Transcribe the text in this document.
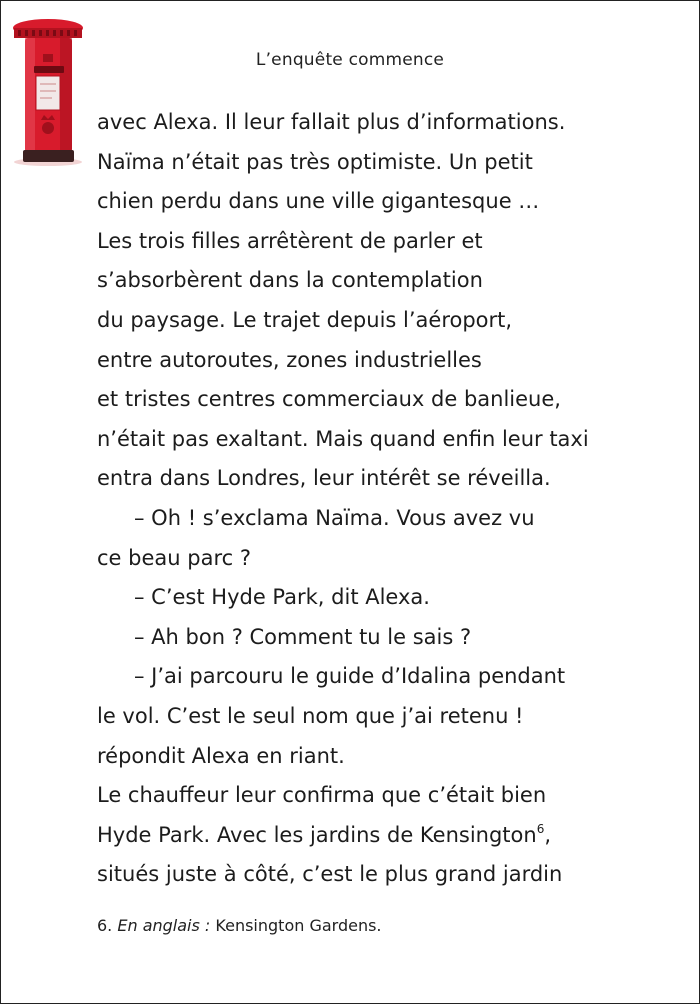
L’enquête commence
avec Alexa. Il leur fallait plus d’informations.
Naïma n’était pas très optimiste. Un petit
chien perdu dans une ville gigantesque …
Les trois filles arrêtèrent de parler et
s’absorbèrent dans la contemplation
du paysage. Le trajet depuis l’aéroport,
entre autoroutes, zones industrielles
et tristes centres commerciaux de banlieue,
n’était pas exaltant. Mais quand enfin leur taxi
entra dans Londres, leur intérêt se réveilla.
– Oh ! s’exclama Naïma. Vous avez vu
ce beau parc ?
– C’est Hyde Park, dit Alexa.
– Ah bon ? Comment tu le sais ?
– J’ai parcouru le guide d’Idalina pendant
le vol. C’est le seul nom que j’ai retenu !
répondit Alexa en riant.
Le chauffeur leur confirma que c’était bien
Hyde Park. Avec les jardins de Kensington$^6$,
situés juste à côté, c’est le plus grand jardin
6. En anglais : Kensington Gardens.
